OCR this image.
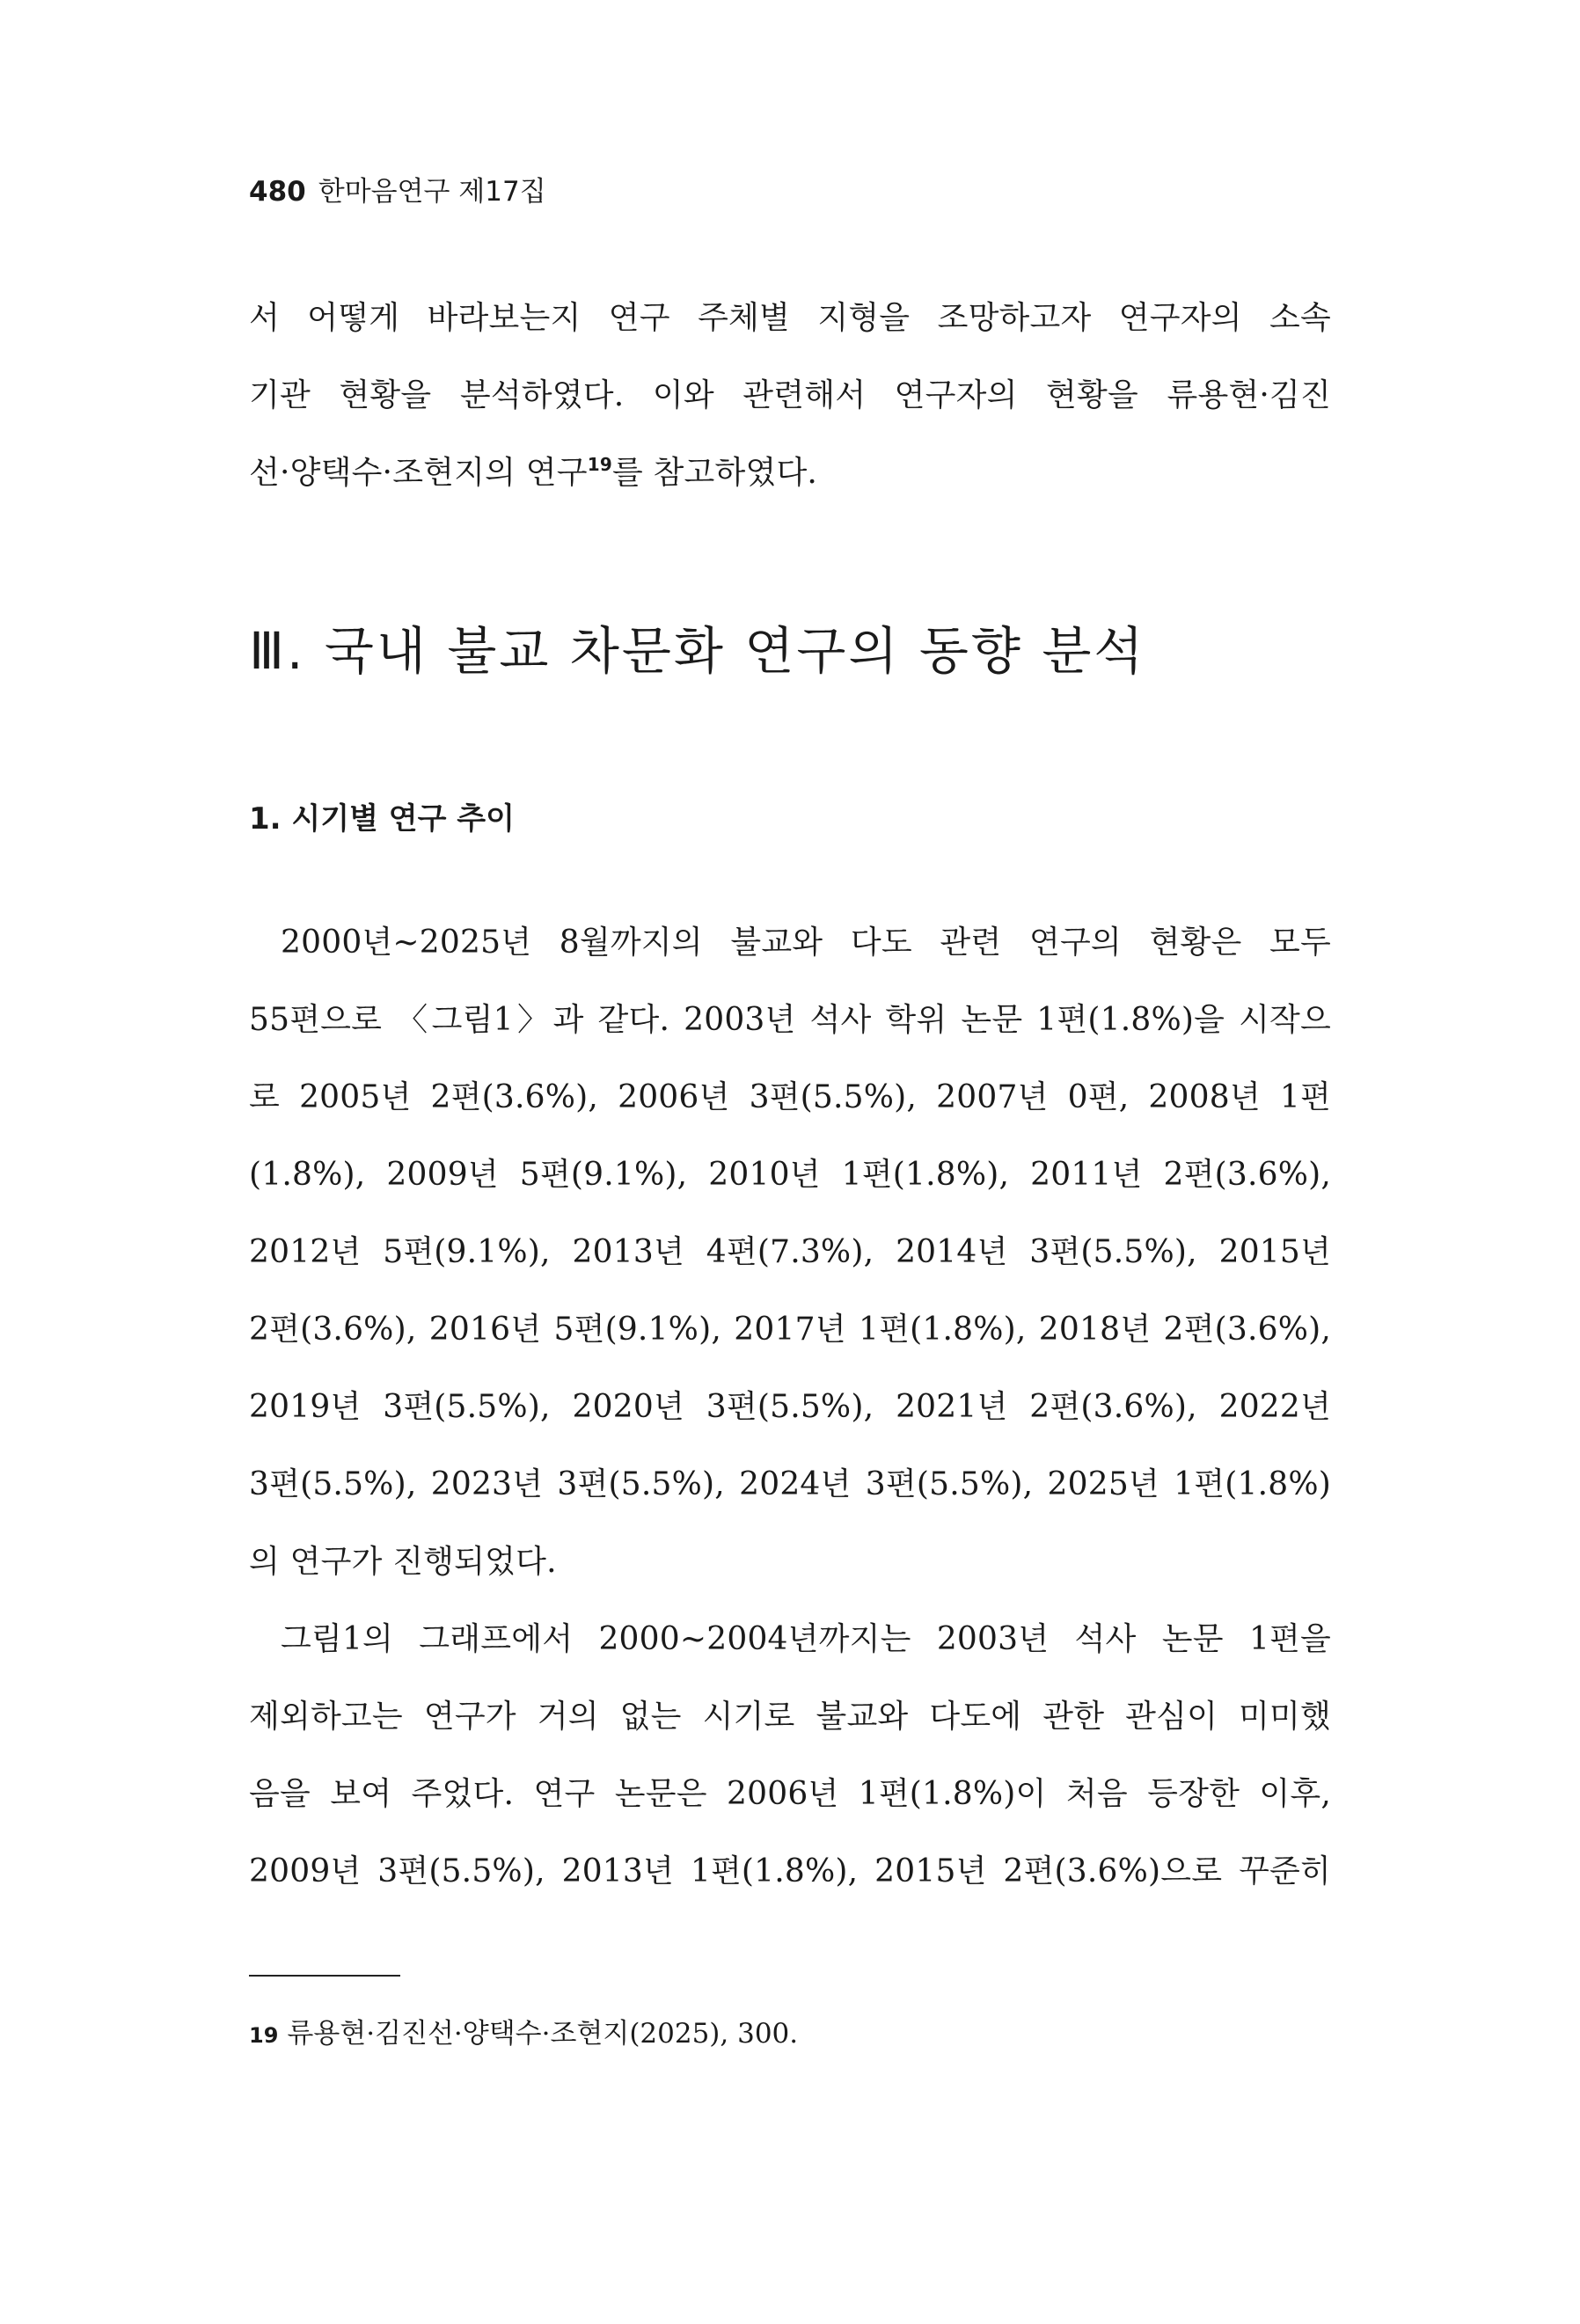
480 한마음연구 제17집
서 어떻게 바라보는지 연구 주체별 지형을 조망하고자 연구자의 소속
기관 현황을 분석하였다. 이와 관련해서 연구자의 현황을 류용현·김진
선·양택수·조현지의 연구$^{19}$를 참고하였다.
Ⅲ. 국내 불교 차문화 연구의 동향 분석
1. 시기별 연구 추이
2000년~2025년 8월까지의 불교와 다도 관련 연구의 현황은 모두
55편으로 〈그림1〉과 같다. 2003년 석사 학위 논문 1편(1.8%)을 시작으
로 2005년 2편(3.6%), 2006년 3편(5.5%), 2007년 0편, 2008년 1편
(1.8%), 2009년 5편(9.1%), 2010년 1편(1.8%), 2011년 2편(3.6%),
2012년 5편(9.1%), 2013년 4편(7.3%), 2014년 3편(5.5%), 2015년
2편(3.6%), 2016년 5편(9.1%), 2017년 1편(1.8%), 2018년 2편(3.6%),
2019년 3편(5.5%), 2020년 3편(5.5%), 2021년 2편(3.6%), 2022년
3편(5.5%), 2023년 3편(5.5%), 2024년 3편(5.5%), 2025년 1편(1.8%)
의 연구가 진행되었다.
그림1의 그래프에서 2000~2004년까지는 2003년 석사 논문 1편을
제외하고는 연구가 거의 없는 시기로 불교와 다도에 관한 관심이 미미했
음을 보여 주었다. 연구 논문은 2006년 1편(1.8%)이 처음 등장한 이후,
2009년 3편(5.5%), 2013년 1편(1.8%), 2015년 2편(3.6%)으로 꾸준히
19 류용현·김진선·양택수·조현지(2025), 300.
